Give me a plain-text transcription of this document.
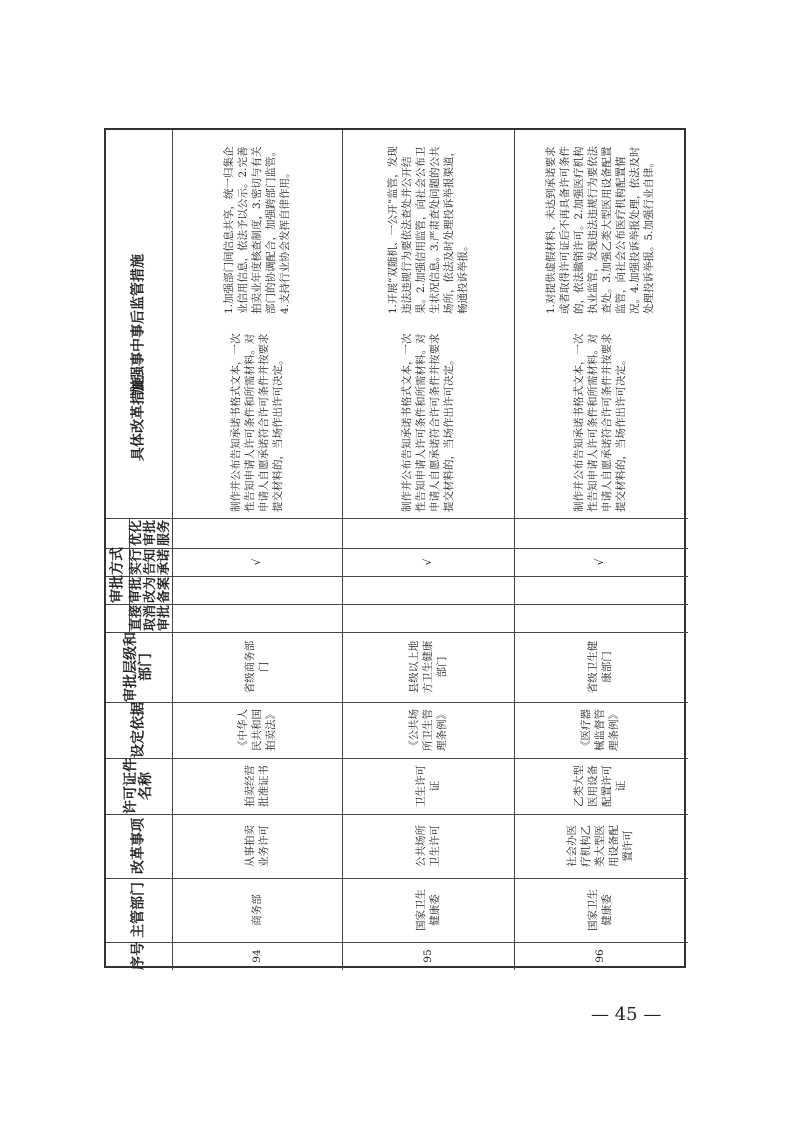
加强事中事后监管措施
具体改革措施
审批方式
优化审批服务
实行告知承诺
审批改为备案
直接取消审批
审批层级和部门
设定依据
许可证件名称
改革事项
主管部门
序号
1.加强部门间信息共享，统一归集企业信用信息，依法予以公示。2.完善拍卖业年度核查制度，3.密切与有关部门的协调配合，加强跨部门监管。4.支持行业协会发挥自律作用。
制作并公布告知承诺书格式文本，一次性告知申请人许可条件和所需材料。对申请人自愿承诺符合许可条件并按要求提交材料的，当场作出许可决定。
√
省级商务部门
《中华人民共和国拍卖法》
拍卖经营批准证书
从事拍卖业务许可
商务部
94
1.开展“双随机、一公开”监管，发现违法违规行为要依法查处并公开结果。2.加强信用监管，向社会公布卫生状况信息。3.严肃查处问题的公共场所，依法及时处理投诉举报渠道，畅通投诉举报。
制作并公布告知承诺书格式文本，一次性告知申请人许可条件和所需材料。对申请人自愿承诺符合许可条件并按要求提交材料的，当场作出许可决定。
√
县级以上地方卫生健康部门
《公共场所卫生管理条例》
卫生许可证
公共场所卫生许可
国家卫生健康委
95
1.对提供虚假材料、未达到承诺要求或者取得许可证后不再具备许可条件的，依法撤销许可。2.加强医疗机构执业监管，发现违法违规行为要依法查处。3.加强乙类大型医用设备配置监管，向社会公布医疗机构配置情况。4.加强投诉举报处理，依法及时处理投诉举报。5.加强行业自律。
制作并公布告知承诺书格式文本，一次性告知申请人许可条件和所需材料。对申请人自愿承诺符合许可条件并按要求提交材料的，当场作出许可决定。
√
省级卫生健康部门
《医疗器械监督管理条例》
乙类大型医用设备配置许可证
社会办医疗机构乙类大型医用设备配置许可
国家卫生健康委
96
— 45 —
